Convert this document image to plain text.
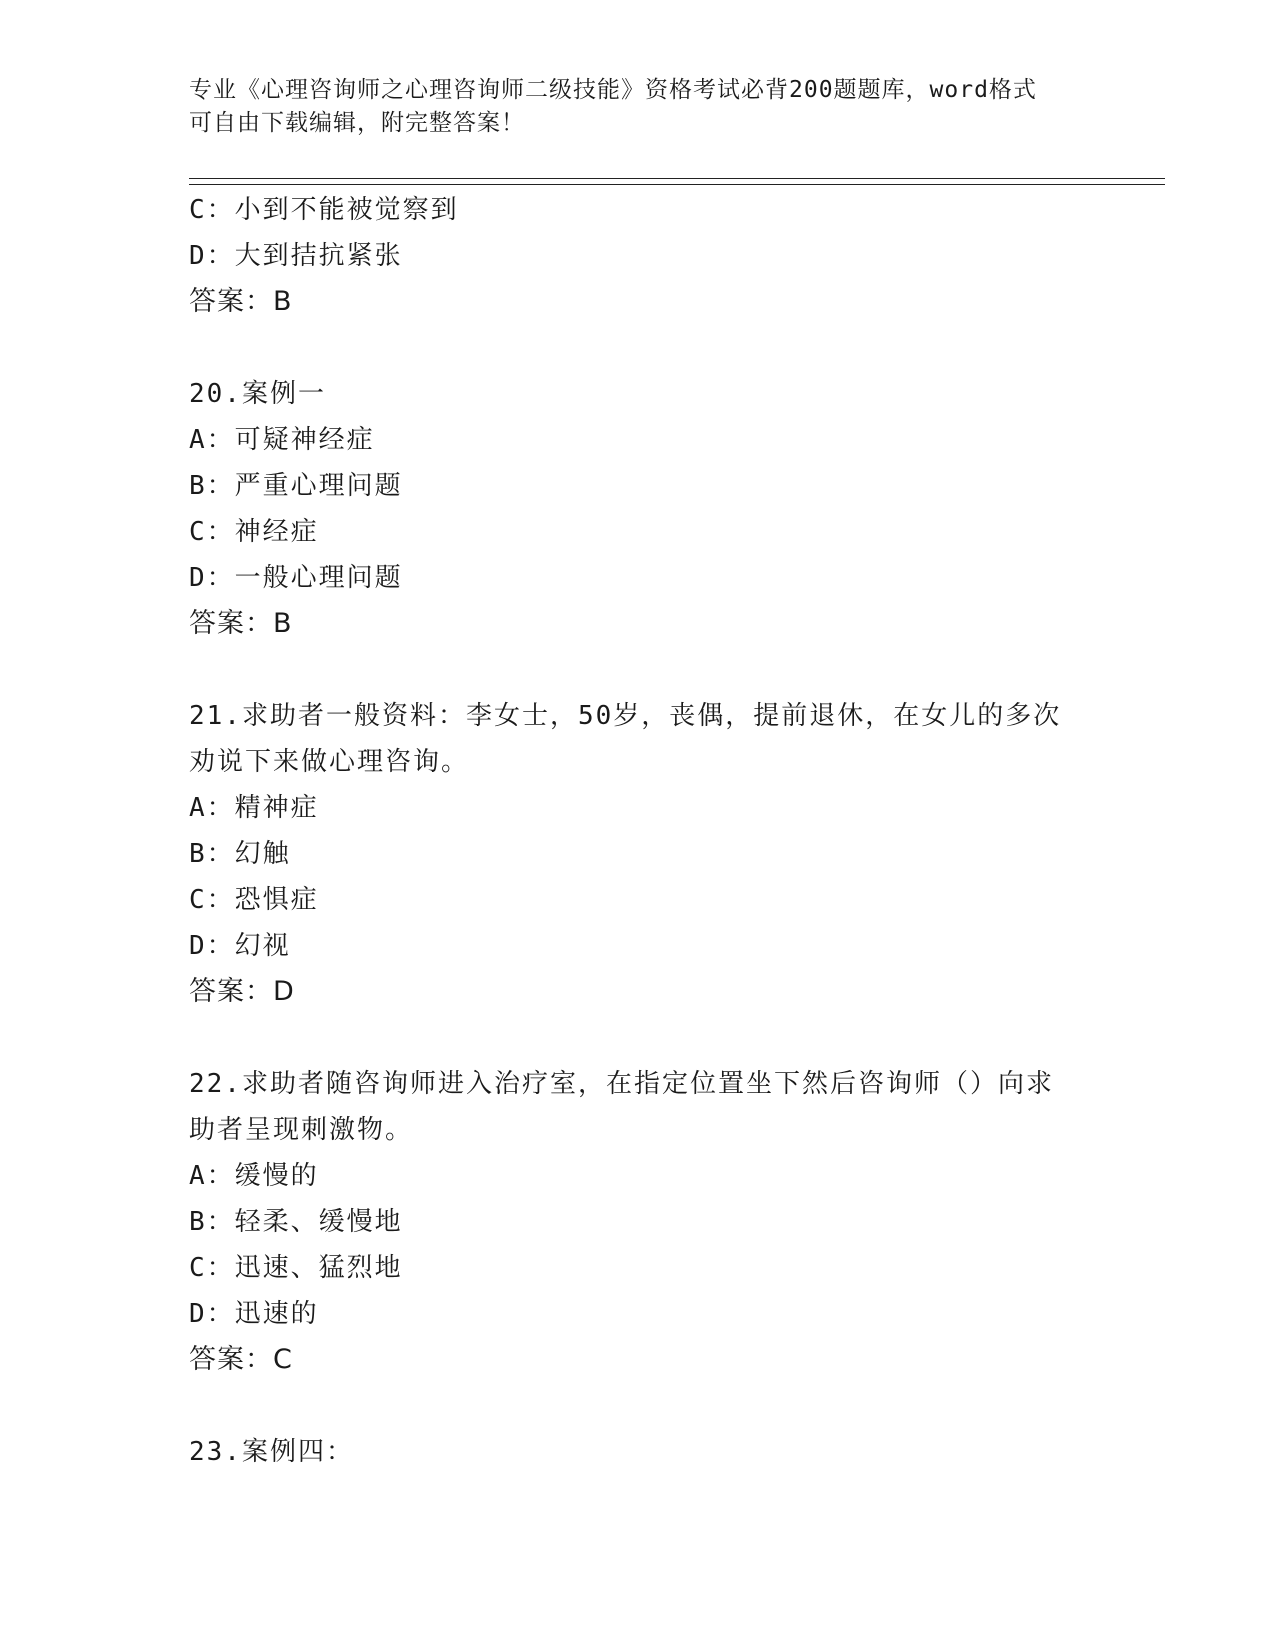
专业《心理咨询师之心理咨询师二级技能》资格考试必背200题题库，word格式
可自由下载编辑，附完整答案！
C：小到不能被觉察到
D：大到拮抗紧张
答案：B
20.案例一
A：可疑神经症
B：严重心理问题
C：神经症
D：一般心理问题
答案：B
21.求助者一般资料：李女士，50岁，丧偶，提前退休，在女儿的多次
劝说下来做心理咨询。
A：精神症
B：幻触
C：恐惧症
D：幻视
答案：D
22.求助者随咨询师进入治疗室，在指定位置坐下然后咨询师（）向求
助者呈现刺激物。
A：缓慢的
B：轻柔、缓慢地
C：迅速、猛烈地
D：迅速的
答案：C
23.案例四：
